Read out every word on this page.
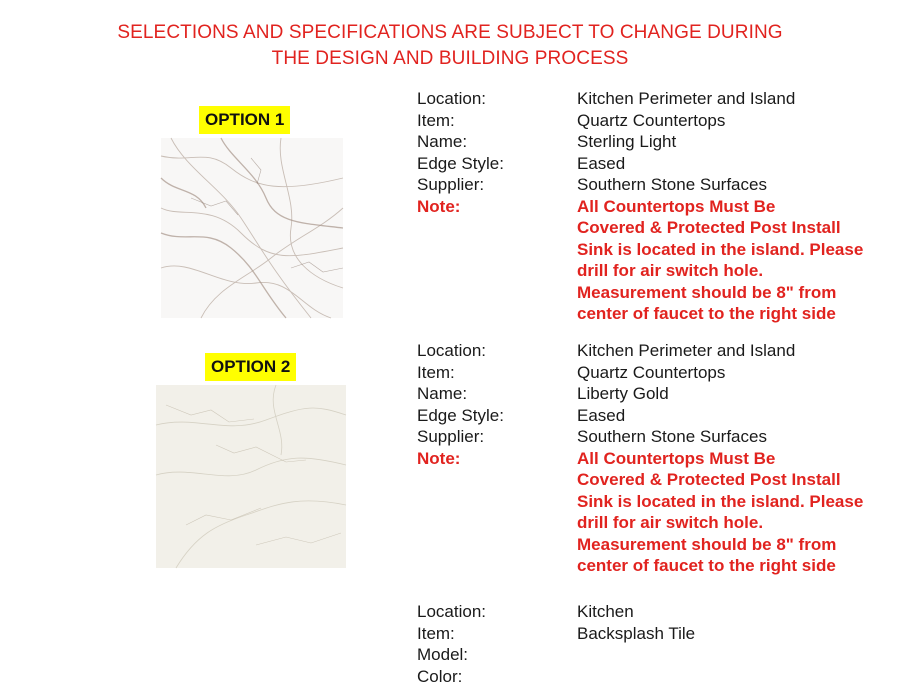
SELECTIONS AND SPECIFICATIONS ARE SUBJECT TO CHANGE DURING
THE DESIGN AND BUILDING PROCESS
OPTION 1
Location:	Kitchen Perimeter and Island
Item:	Quartz Countertops
Name:	Sterling Light
Edge Style:	Eased
Supplier:	Southern Stone Surfaces
Note:	All Countertops Must Be
Covered & Protected Post Install
Sink is located in the island. Please
drill for air switch hole.
Measurement should be 8" from
center of faucet to the right side
OPTION 2
Location:	Kitchen Perimeter and Island
Item:	Quartz Countertops
Name:	Liberty Gold
Edge Style:	Eased
Supplier:	Southern Stone Surfaces
Note:	All Countertops Must Be
Covered & Protected Post Install
Sink is located in the island. Please
drill for air switch hole.
Measurement should be 8" from
center of faucet to the right side
Location:	Kitchen
Item:	Backsplash Tile
Model:
Color:
